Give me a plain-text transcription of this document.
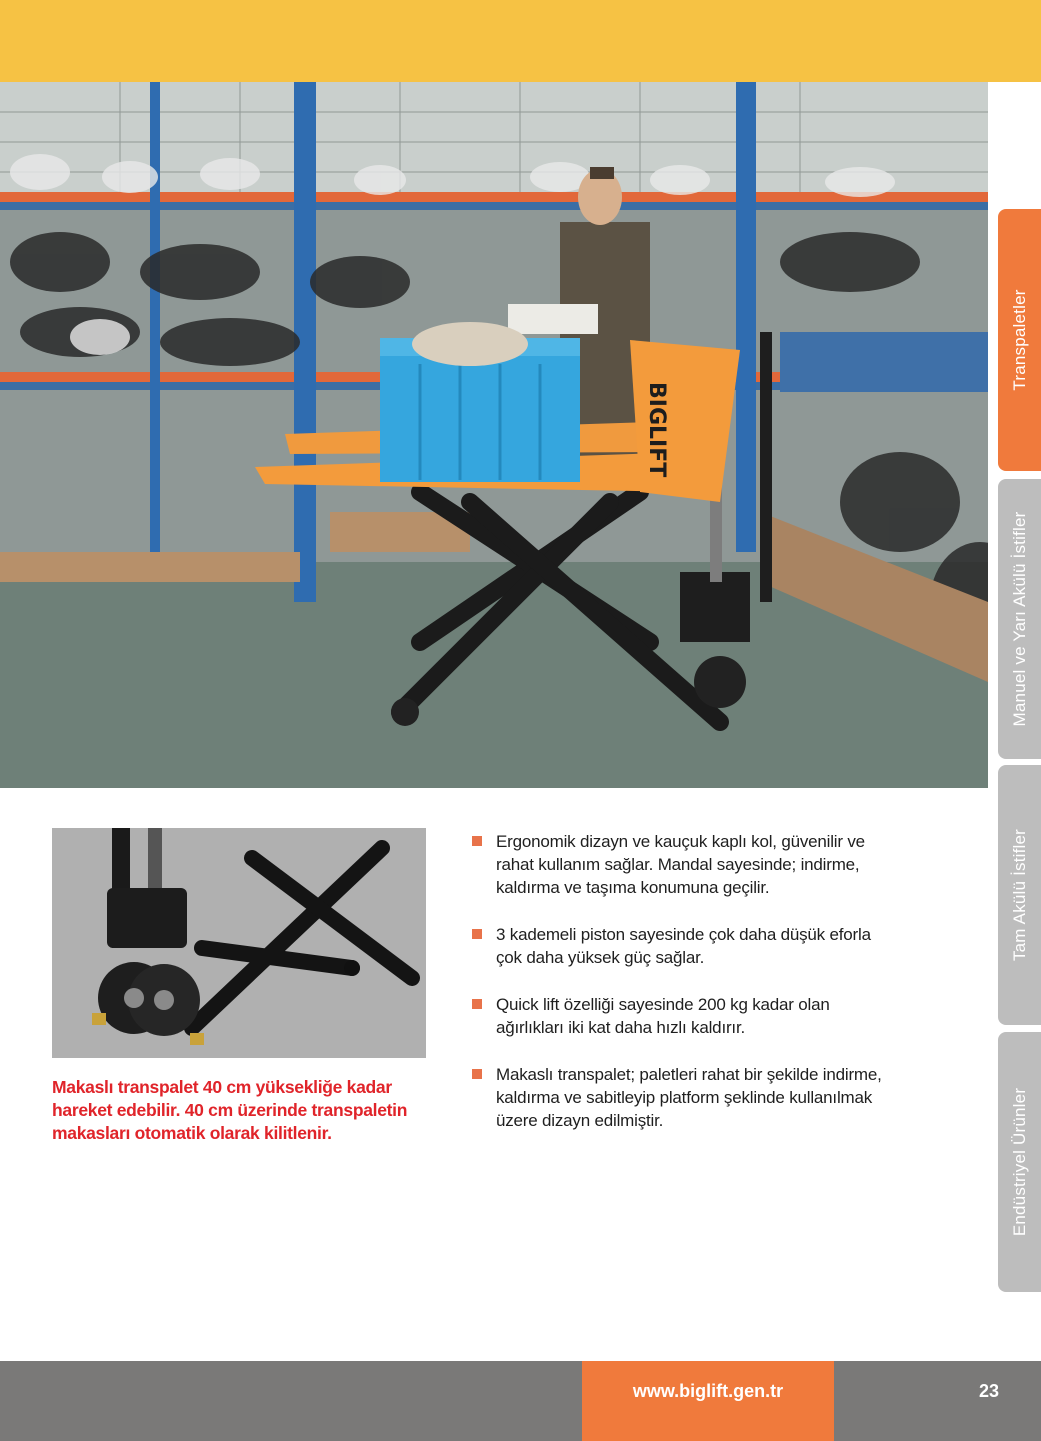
BIGLIFT
Transpaletler
Manuel ve Yarı Akülü İstifler
Tam Akülü İstifler
Endüstriyel Ürünler
Makaslı transpalet 40 cm yüksekliğe kadar hareket edebilir. 40 cm üzerinde transpaletin makasları otomatik olarak kilitlenir.
Ergonomik dizayn ve kauçuk kaplı kol, güvenilir ve rahat kullanım sağlar. Mandal sayesinde; indirme, kaldırma ve taşıma konumuna geçilir.
3 kademeli piston sayesinde çok daha düşük eforla çok daha yüksek güç sağlar.
Quick lift özelliği sayesinde 200 kg kadar olan ağırlıkları iki kat daha hızlı kaldırır.
Makaslı transpalet; paletleri rahat bir şekilde indirme, kaldırma ve sabitleyip platform şeklinde kullanılmak üzere dizayn edilmiştir.
www.biglift.gen.tr	23
